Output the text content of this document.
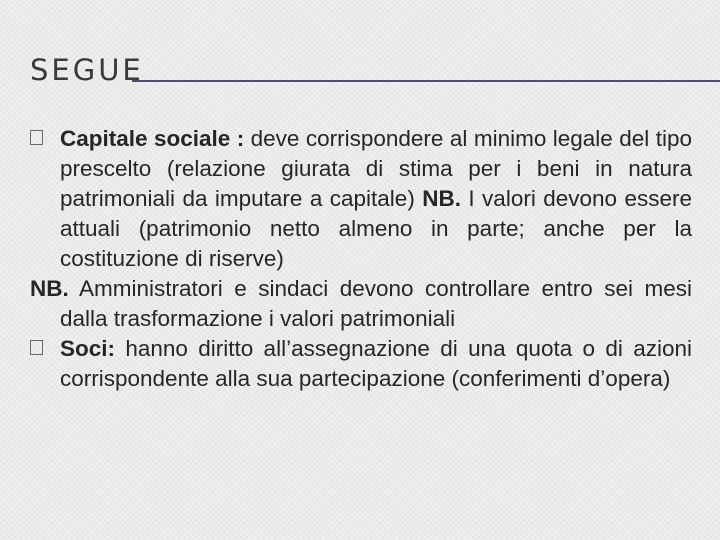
SEGUE

Capitale sociale : deve corrispondere al minimo legale del tipo prescelto (relazione giurata di stima per i beni in natura patrimoniali da imputare a capitale) NB. I valori devono essere attuali (patrimonio netto almeno in parte; anche per la costituzione di riserve)

NB. Amministratori e sindaci devono controllare entro sei mesi dalla trasformazione i valori patrimoniali

Soci: hanno diritto all’assegnazione di una quota o di azioni corrispondente alla sua partecipazione (conferimenti d’opera)
